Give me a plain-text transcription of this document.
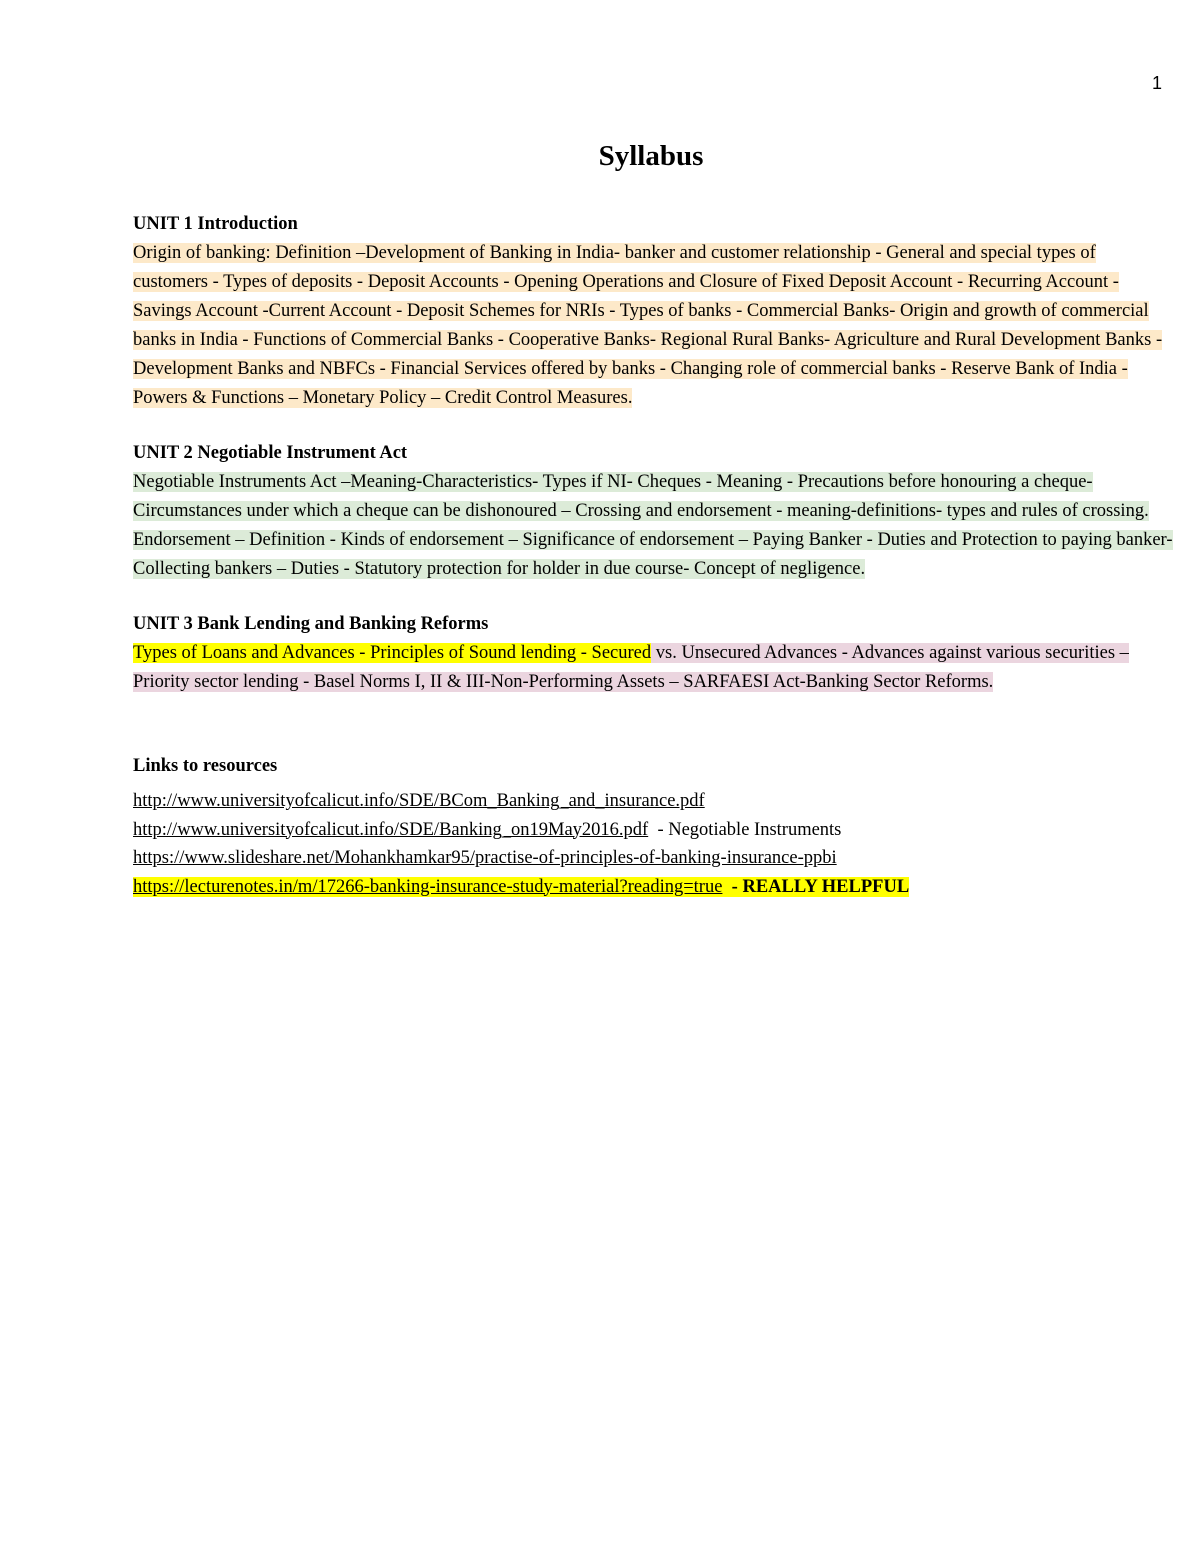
1
Syllabus

UNIT 1 Introduction

Origin of banking: Definition –Development of Banking in India- banker and customer relationship - General and special types of customers - Types of deposits - Deposit Accounts - Opening Operations and Closure of Fixed Deposit Account - Recurring Account - Savings Account -Current Account - Deposit Schemes for NRIs - Types of banks - Commercial Banks- Origin and growth of commercial banks in India - Functions of Commercial Banks - Cooperative Banks- Regional Rural Banks- Agriculture and Rural Development Banks - Development Banks and NBFCs - Financial Services offered by banks - Changing role of commercial banks - Reserve Bank of India - Powers & Functions – Monetary Policy – Credit Control Measures.

UNIT 2 Negotiable Instrument Act

Negotiable Instruments Act –Meaning-Characteristics- Types if NI- Cheques - Meaning - Precautions before honouring a cheque-Circumstances under which a cheque can be dishonoured – Crossing and endorsement - meaning-definitions- types and rules of crossing. Endorsement – Definition - Kinds of endorsement – Significance of endorsement – Paying Banker - Duties and Protection to paying banker- Collecting bankers – Duties - Statutory protection for holder in due course- Concept of negligence.

UNIT 3 Bank Lending and Banking Reforms

Types of Loans and Advances - Principles of Sound lending - Secured vs. Unsecured Advances - Advances against various securities – Priority sector lending - Basel Norms I, II & III-Non-Performing Assets – SARFAESI Act-Banking Sector Reforms.

Links to resources

http://www.universityofcalicut.info/SDE/BCom_Banking_and_insurance.pdf

http://www.universityofcalicut.info/SDE/Banking_on19May2016.pdf  - Negotiable Instruments

https://www.slideshare.net/Mohankhamkar95/practise-of-principles-of-banking-insurance-ppbi

https://lecturenotes.in/m/17266-banking-insurance-study-material?reading=true  - REALLY HELPFUL
